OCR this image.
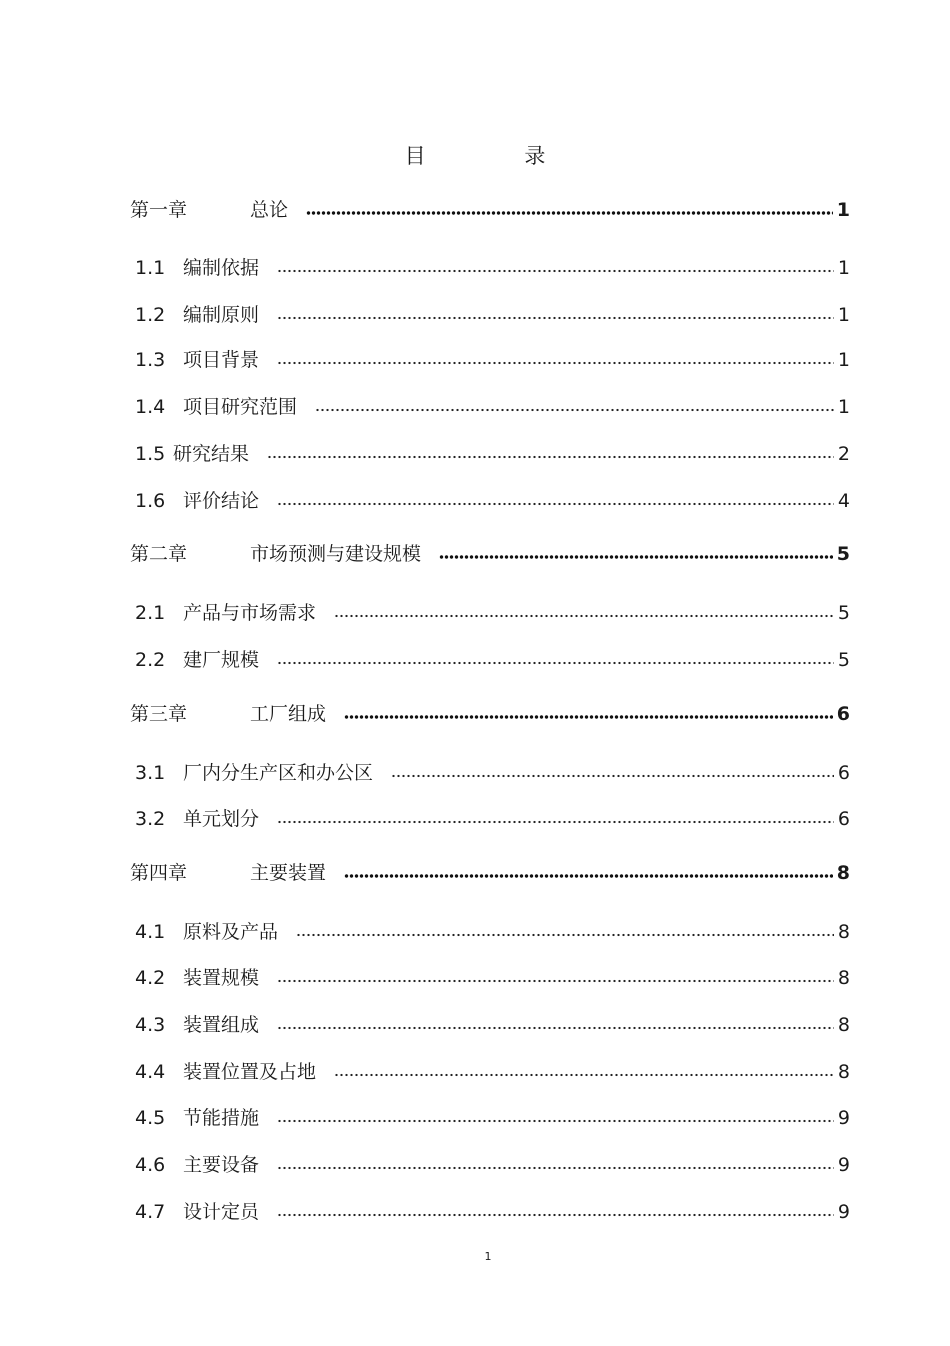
目 录
第一章	总论	1
1.1 编制依据	1
1.2 编制原则	1
1.3 项目背景	1
1.4 项目研究范围	1
1.5 研究结果	2
1.6 评价结论	4
第二章	市场预测与建设规模	5
2.1 产品与市场需求	5
2.2 建厂规模	5
第三章	工厂组成	6
3.1 厂内分生产区和办公区	6
3.2 单元划分	6
第四章	主要装置	8
4.1 原料及产品	8
4.2 装置规模	8
4.3 装置组成	8
4.4 装置位置及占地	8
4.5 节能措施	9
4.6 主要设备	9
4.7 设计定员	9
1
